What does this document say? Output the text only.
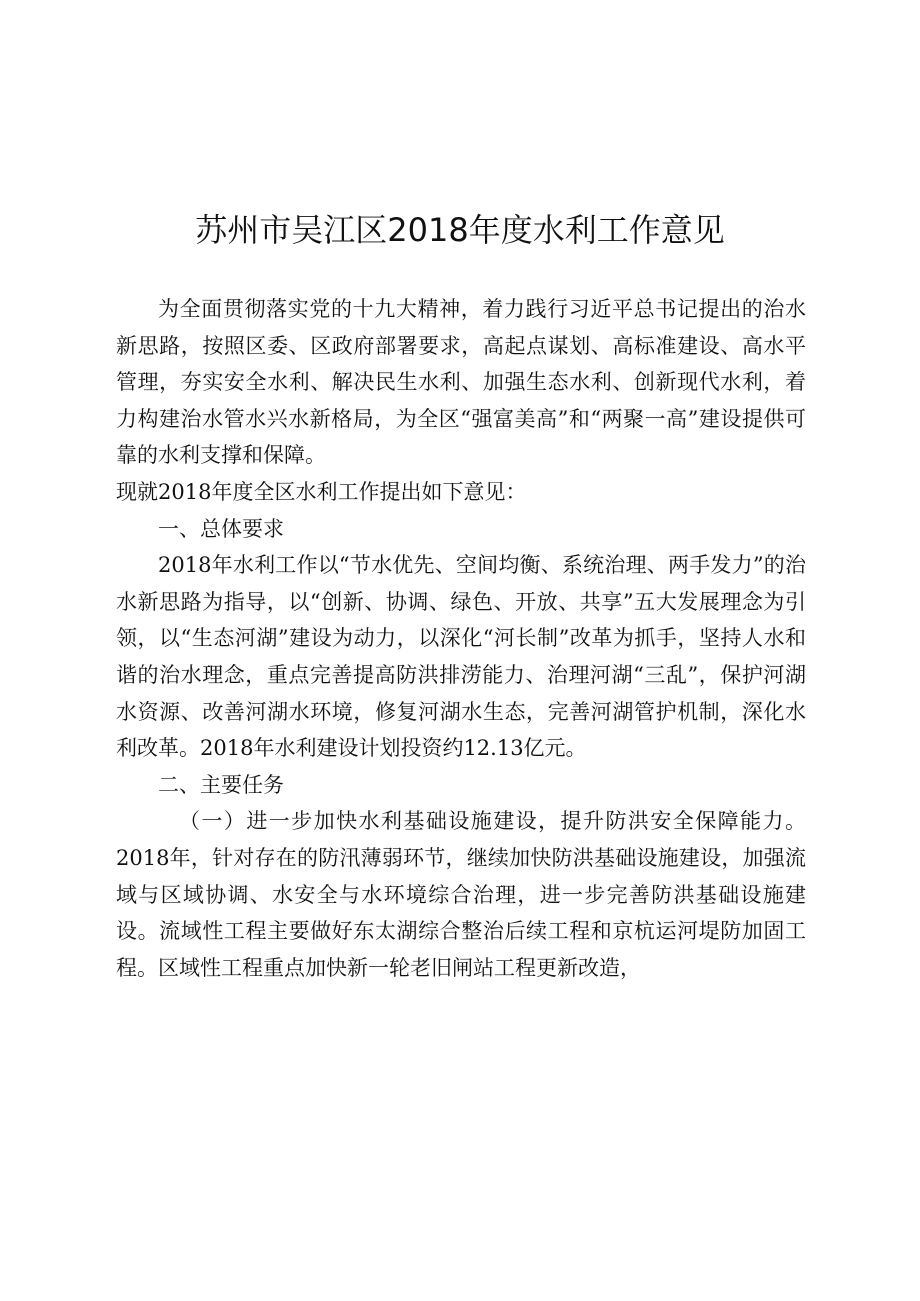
苏州市吴江区2018年度水利工作意见

为全面贯彻落实党的十九大精神，着力践行习近平总书记提出的治水新思路，按照区委、区政府部署要求，高起点谋划、高标准建设、高水平管理，夯实安全水利、解决民生水利、加强生态水利、创新现代水利，着力构建治水管水兴水新格局，为全区“强富美高”和“两聚一高”建设提供可靠的水利支撑和保障。

现就2018年度全区水利工作提出如下意见：

一、总体要求

2018年水利工作以“节水优先、空间均衡、系统治理、两手发力”的治水新思路为指导，以“创新、协调、绿色、开放、共享”五大发展理念为引领，以“生态河湖”建设为动力，以深化“河长制”改革为抓手，坚持人水和谐的治水理念，重点完善提高防洪排涝能力、治理河湖“三乱”，保护河湖水资源、改善河湖水环境，修复河湖水生态，完善河湖管护机制，深化水利改革。2018年水利建设计划投资约12.13亿元。

二、主要任务

（一）进一步加快水利基础设施建设，提升防洪安全保障能力。2018年，针对存在的防汛薄弱环节，继续加快防洪基础设施建设，加强流域与区域协调、水安全与水环境综合治理，进一步完善防洪基础设施建设。流域性工程主要做好东太湖综合整治后续工程和京杭运河堤防加固工程。区域性工程重点加快新一轮老旧闸站工程更新改造，
